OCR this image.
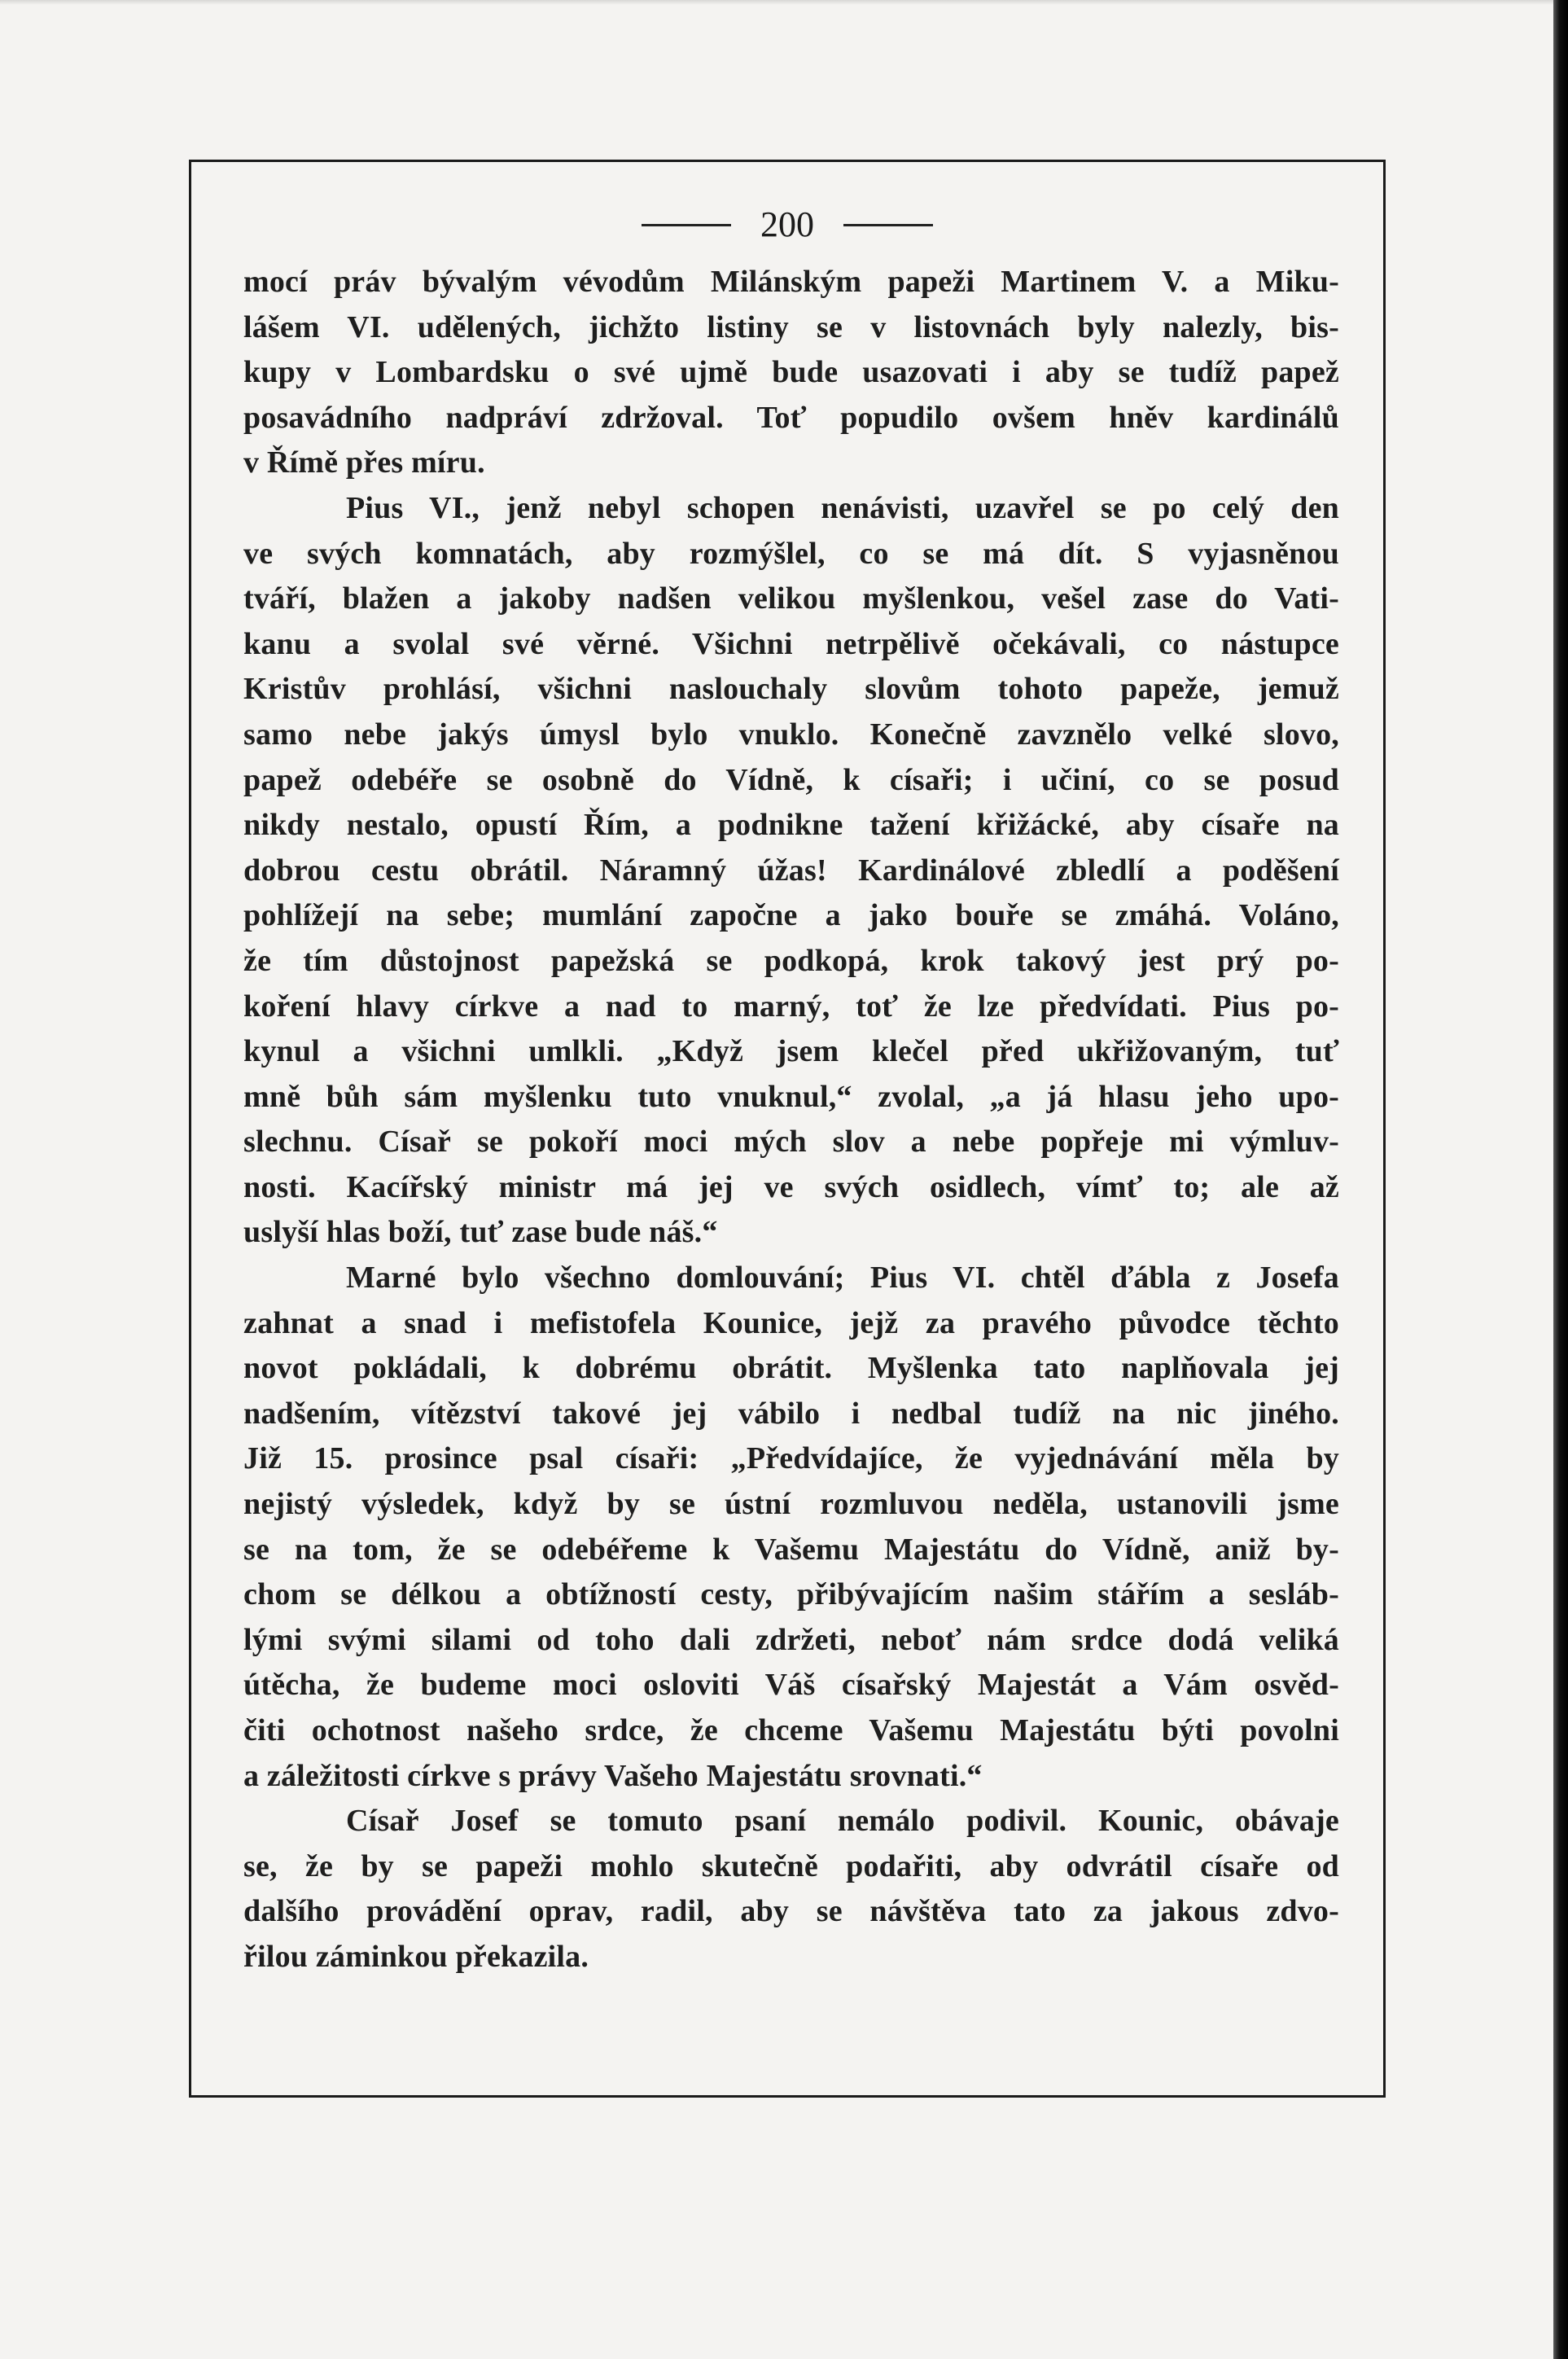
200
mocí práv bývalým vévodům Milánským papeži Martinem V. a Miku-
lášem VI. udělených, jichžto listiny se v listovnách byly nalezly, bis-
kupy v Lombardsku o své ujmě bude usazovati i aby se tudíž papež
posavádního nadpráví zdržoval. Toť popudilo ovšem hněv kardinálů
v Římě přes míru.
Pius VI., jenž nebyl schopen nenávisti, uzavřel se po celý den
ve svých komnatách, aby rozmýšlel, co se má dít. S vyjasněnou
tváří, blažen a jakoby nadšen velikou myšlenkou, vešel zase do Vati-
kanu a svolal své věrné. Všichni netrpělivě očekávali, co nástupce
Kristův prohlásí, všichni naslouchaly slovům tohoto papeže, jemuž
samo nebe jakýs úmysl bylo vnuklo. Konečně zavznělo velké slovo,
papež odebéře se osobně do Vídně, k císaři; i učiní, co se posud
nikdy nestalo, opustí Řím, a podnikne tažení křižácké, aby císaře na
dobrou cestu obrátil. Náramný úžas! Kardinálové zbledlí a poděšení
pohlížejí na sebe; mumlání započne a jako bouře se zmáhá. Voláno,
že tím důstojnost papežská se podkopá, krok takový jest prý po-
koření hlavy církve a nad to marný, toť že lze předvídati. Pius po-
kynul a všichni umlkli. „Když jsem klečel před ukřižovaným, tuť
mně bůh sám myšlenku tuto vnuknul,“ zvolal, „a já hlasu jeho upo-
slechnu. Císař se pokoří moci mých slov a nebe popřeje mi výmluv-
nosti. Kacířský ministr má jej ve svých osidlech, vímť to; ale až
uslyší hlas boží, tuť zase bude náš.“
Marné bylo všechno domlouvání; Pius VI. chtěl ďábla z Josefa
zahnat a snad i mefistofela Kounice, jejž za pravého původce těchto
novot pokládali, k dobrému obrátit. Myšlenka tato naplňovala jej
nadšením, vítězství takové jej vábilo i nedbal tudíž na nic jiného.
Již 15. prosince psal císaři: „Předvídajíce, že vyjednávání měla by
nejistý výsledek, když by se ústní rozmluvou neděla, ustanovili jsme
se na tom, že se odebéřeme k Vašemu Majestátu do Vídně, aniž by-
chom se délkou a obtížností cesty, přibývajícím našim stářím a sesláb-
lými svými silami od toho dali zdržeti, neboť nám srdce dodá veliká
útěcha, že budeme moci osloviti Váš císařský Majestát a Vám osvěd-
čiti ochotnost našeho srdce, že chceme Vašemu Majestátu býti povolni
a záležitosti církve s právy Vašeho Majestátu srovnati.“
Císař Josef se tomuto psaní nemálo podivil. Kounic, obávaje
se, že by se papeži mohlo skutečně podařiti, aby odvrátil císaře od
dalšího provádění oprav, radil, aby se návštěva tato za jakous zdvo-
řilou záminkou překazila.
